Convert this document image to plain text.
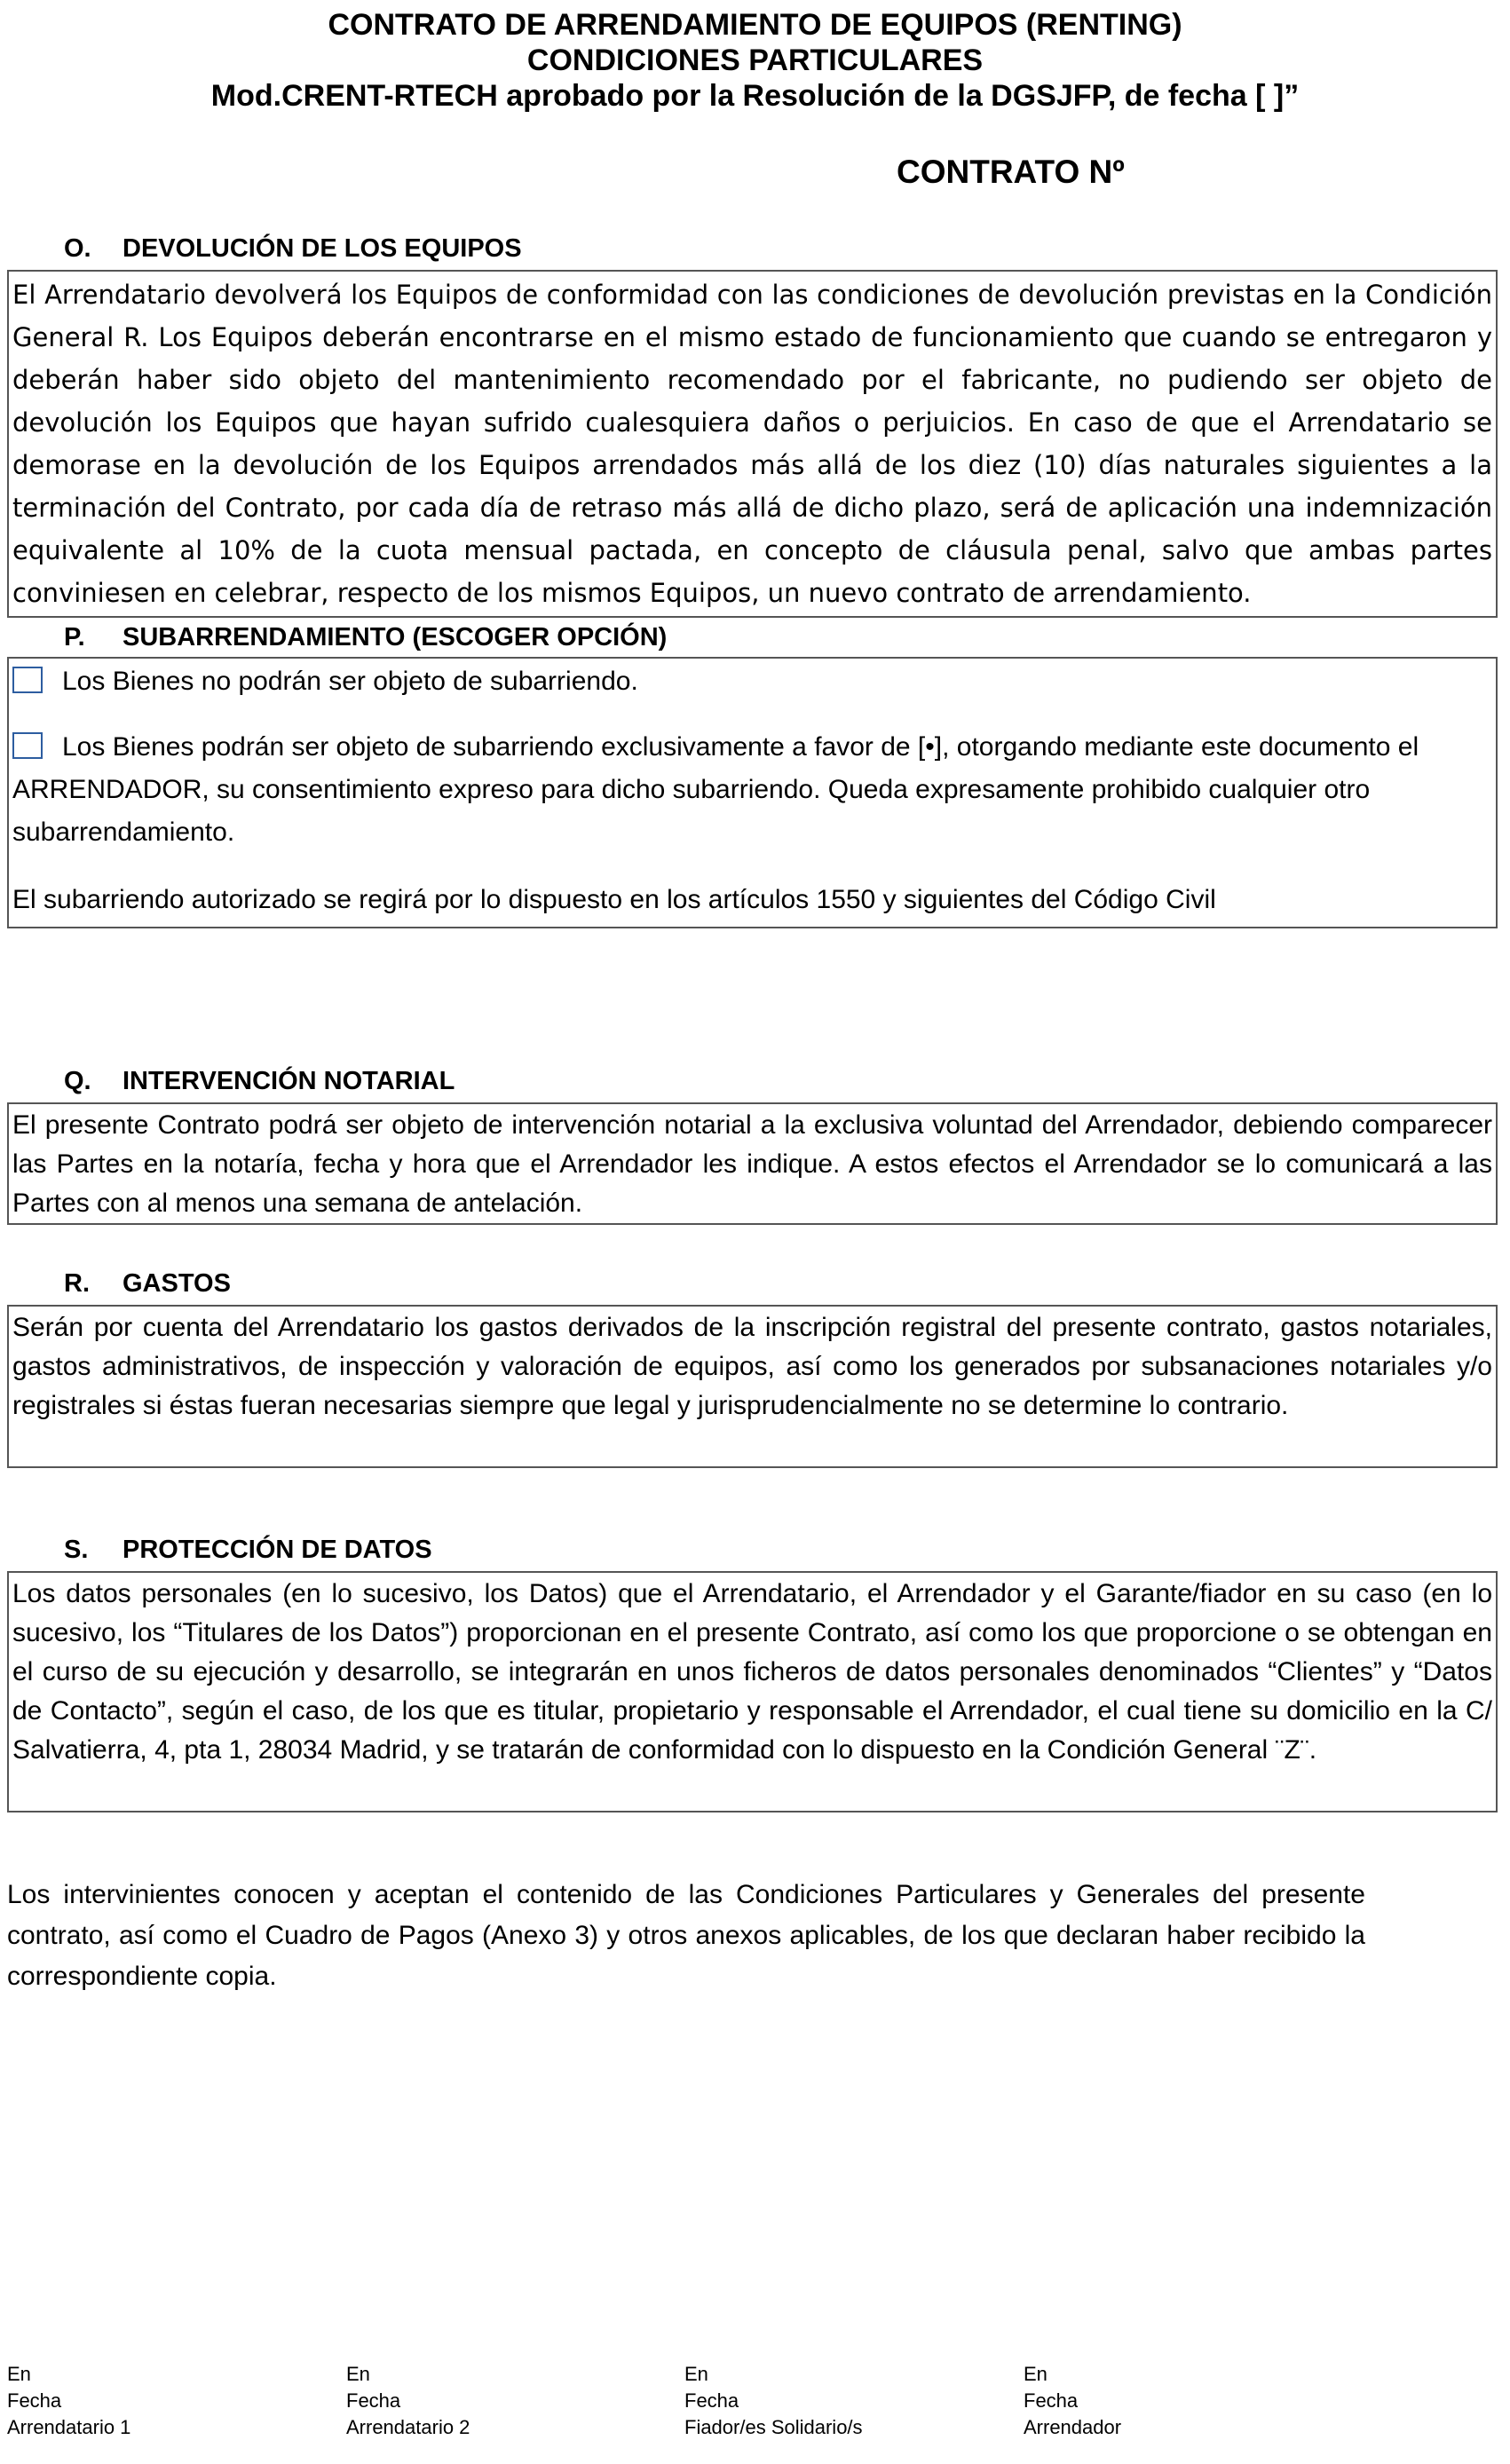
CONTRATO DE ARRENDAMIENTO DE EQUIPOS (RENTING)
CONDICIONES PARTICULARES
Mod.CRENT-RTECH aprobado por la Resolución de la DGSJFP, de fecha [ ]”
CONTRATO Nº
O. DEVOLUCIÓN DE LOS EQUIPOS

El Arrendatario devolverá los Equipos de conformidad con las condiciones de devolución previstas en la Condición General R. Los Equipos deberán encontrarse en el mismo estado de funcionamiento que cuando se entregaron y deberán haber sido objeto del mantenimiento recomendado por el fabricante, no pudiendo ser objeto de devolución los Equipos que hayan sufrido cualesquiera daños o perjuicios. En caso de que el Arrendatario se demorase en la devolución de los Equipos arrendados más allá de los diez (10) días naturales siguientes a la terminación del Contrato, por cada día de retraso más allá de dicho plazo, será de aplicación una indemnización equivalente al 10% de la cuota mensual pactada, en concepto de cláusula penal, salvo que ambas partes conviniesen en celebrar, respecto de los mismos Equipos, un nuevo contrato de arrendamiento.

P. SUBARRENDAMIENTO (ESCOGER OPCIÓN)
Los Bienes no podrán ser objeto de subarriendo.
Los Bienes podrán ser objeto de subarriendo exclusivamente a favor de [•], otorgando mediante este documento el ARRENDADOR, su consentimiento expreso para dicho subarriendo. Queda expresamente prohibido cualquier otro subarrendamiento.
El subarriendo autorizado se regirá por lo dispuesto en los artículos 1550 y siguientes del Código Civil
Q. INTERVENCIÓN NOTARIAL

El presente Contrato podrá ser objeto de intervención notarial a la exclusiva voluntad del Arrendador, debiendo comparecer las Partes en la notaría, fecha y hora que el Arrendador les indique. A estos efectos el Arrendador se lo comunicará a las Partes con al menos una semana de antelación.

R. GASTOS

Serán por cuenta del Arrendatario los gastos derivados de la inscripción registral del presente contrato, gastos notariales, gastos administrativos, de inspección y valoración de equipos, así como los generados por subsanaciones notariales y/o registrales si éstas fueran necesarias siempre que legal y jurisprudencialmente no se determine lo contrario.

S. PROTECCIÓN DE DATOS

Los datos personales (en lo sucesivo, los Datos) que el Arrendatario, el Arrendador y el Garante/fiador en su caso (en lo sucesivo, los “Titulares de los Datos”) proporcionan en el presente Contrato, así como los que proporcione o se obtengan en el curso de su ejecución y desarrollo, se integrarán en unos ficheros de datos personales denominados “Clientes” y “Datos de Contacto”, según el caso, de los que es titular, propietario y responsable el Arrendador, el cual tiene su domicilio en la C/ Salvatierra, 4, pta 1, 28034 Madrid, y se tratarán de conformidad con lo dispuesto en la Condición General ¨Z¨.

Los intervinientes conocen y aceptan el contenido de las Condiciones Particulares y Generales del presente contrato, así como el Cuadro de Pagos (Anexo 3) y otros anexos aplicables, de los que declaran haber recibido la correspondiente copia.

En
Fecha
Arrendatario 1
En
Fecha
Arrendatario 2
En
Fecha
Fiador/es Solidario/s
En
Fecha
Arrendador
